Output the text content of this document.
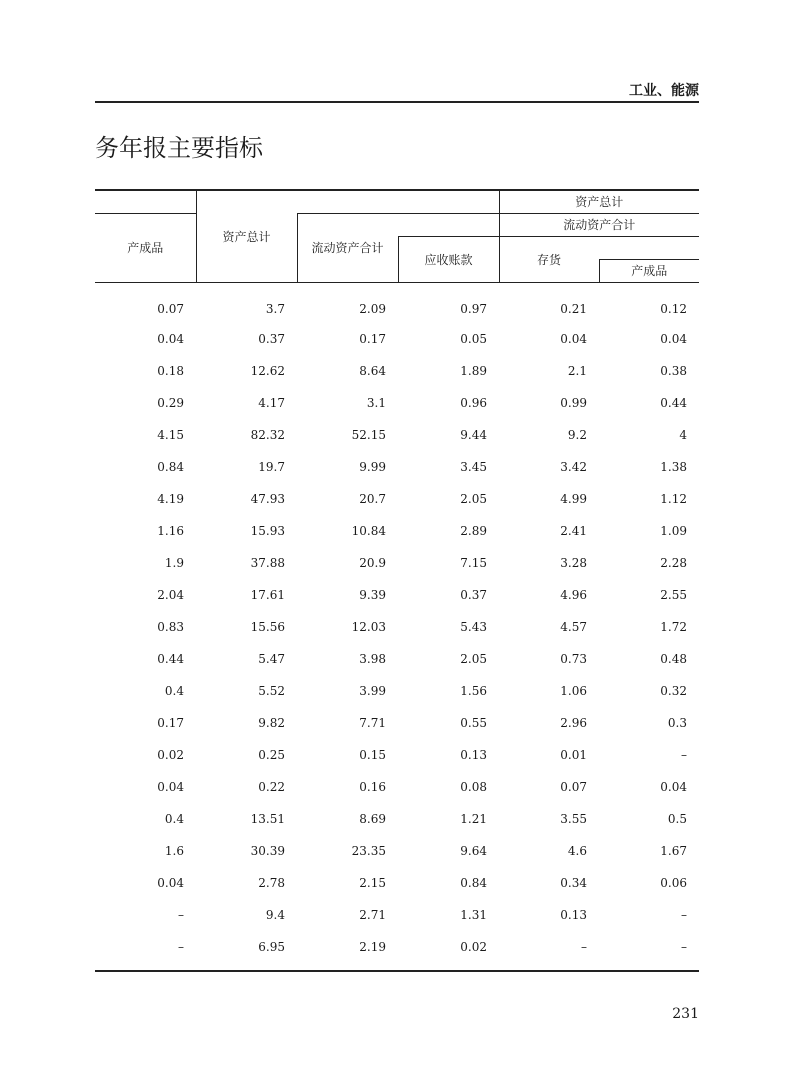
工业、能源
务年报主要指标
	资产总计			资产总计	
产成品		流动资产合计		流动资产合计	
			应收账款	存货	
					产成品

0.07	3.7	2.09	0.97	0.21	0.12
0.04	0.37	0.17	0.05	0.04	0.04
0.18	12.62	8.64	1.89	2.1	0.38
0.29	4.17	3.1	0.96	0.99	0.44
4.15	82.32	52.15	9.44	9.2	4
0.84	19.7	9.99	3.45	3.42	1.38
4.19	47.93	20.7	2.05	4.99	1.12
1.16	15.93	10.84	2.89	2.41	1.09
1.9	37.88	20.9	7.15	3.28	2.28
2.04	17.61	9.39	0.37	4.96	2.55
0.83	15.56	12.03	5.43	4.57	1.72
0.44	5.47	3.98	2.05	0.73	0.48
0.4	5.52	3.99	1.56	1.06	0.32
0.17	9.82	7.71	0.55	2.96	0.3
0.02	0.25	0.15	0.13	0.01	–
0.04	0.22	0.16	0.08	0.07	0.04
0.4	13.51	8.69	1.21	3.55	0.5
1.6	30.39	23.35	9.64	4.6	1.67
0.04	2.78	2.15	0.84	0.34	0.06
–	9.4	2.71	1.31	0.13	–
–	6.95	2.19	0.02	–	–
231
